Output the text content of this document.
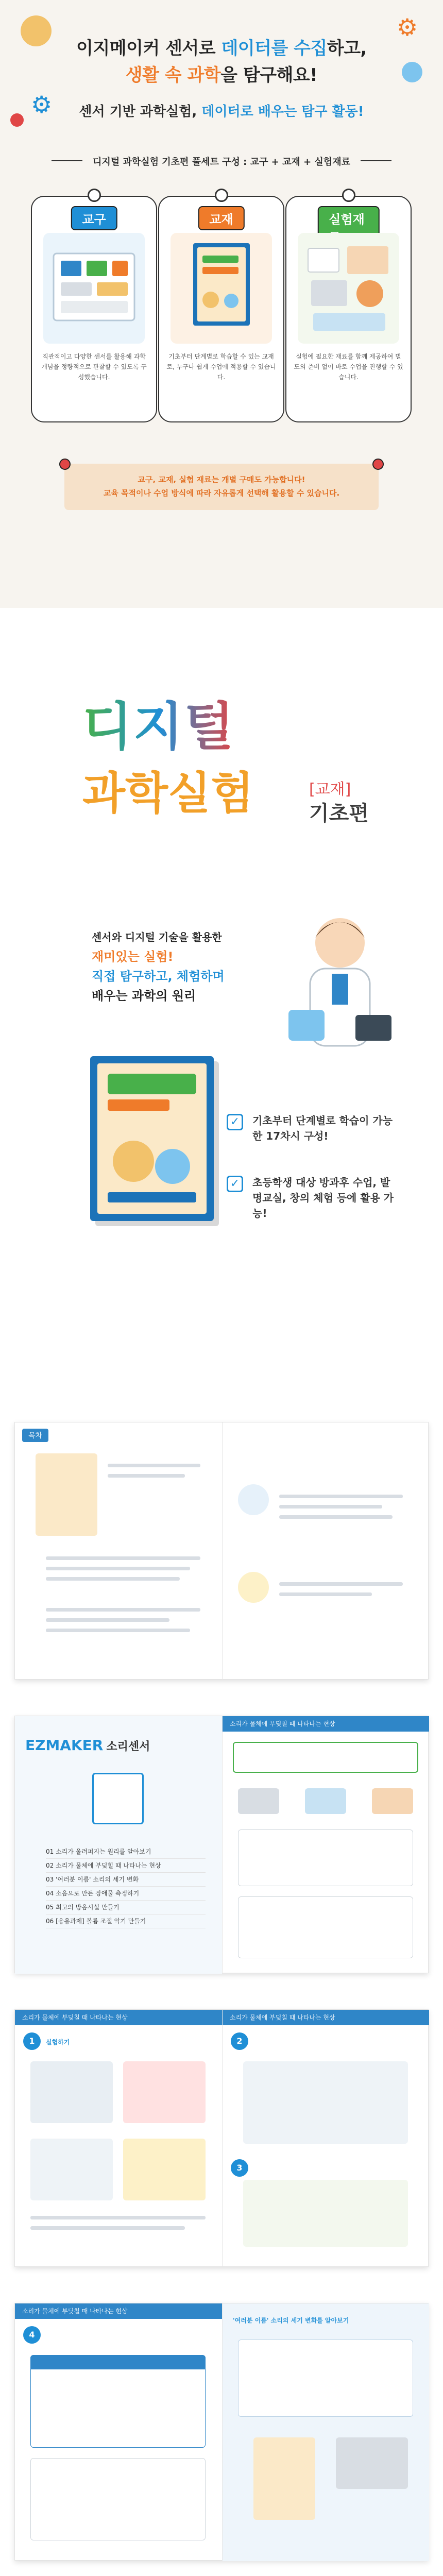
⚙
⚙
이지메이커 센서로 데이터를 수집하고,
생활 속 과학을 탐구해요!
센서 기반 과학실험, 데이터로 배우는 탐구 활동!
디지털 과학실험 기초편 풀세트 구성 : 교구 + 교재 + 실험재료
교구
직관적이고 다양한 센서를 활용해 과학 개념을 정량적으로 관찰할 수 있도록 구성했습니다.
교재
기초부터 단계별로 학습할 수 있는 교재로, 누구나 쉽게 수업에 적용할 수 있습니다.
실험재
실험에 필요한 재료를 함께 제공하여 별도의 준비 없이 바로 수업을 진행할 수 있습니다.

교구, 교재, 실험 재료는 개별 구매도 가능합니다!

교육 목적이나 수업 방식에 따라 자유롭게 선택해 활용할 수 있습니다.

디지털
과학실험	[교재]
기초편
센서와 디지털 기술을 활용한
재미있는 실험!
직접 탐구하고, 체험하며
배우는 과학의 원리
✓	기초부터 단계별로 학습이 가능한 17차시 구성!
✓	초등학생 대상 방과후 수업, 발명교실, 창의 체험 등에 활용 가능!
목차
EZMAKER 소리센서
01 소리가 울려퍼지는 원리를 알아보기
02 소리가 물체에 부딪힐 때 나타나는 현상
03 '여러분 이름' 소리의 세기 변화
04 소음으로 만든 장애물 측정하기
05 최고의 방음시설 만들기
06 [응용과제] 볼륨 조절 악기 만들기
소리가 물체에 부딪칠 때 나타나는 현상
소리가 물체에 부딪칠 때 나타나는 현상
1	실험하기
소리가 물체에 부딪칠 때 나타나는 현상
2
3
소리가 물체에 부딪칠 때 나타나는 현상
4
'여러분 이름' 소리의 세기 변화를 알아보기
